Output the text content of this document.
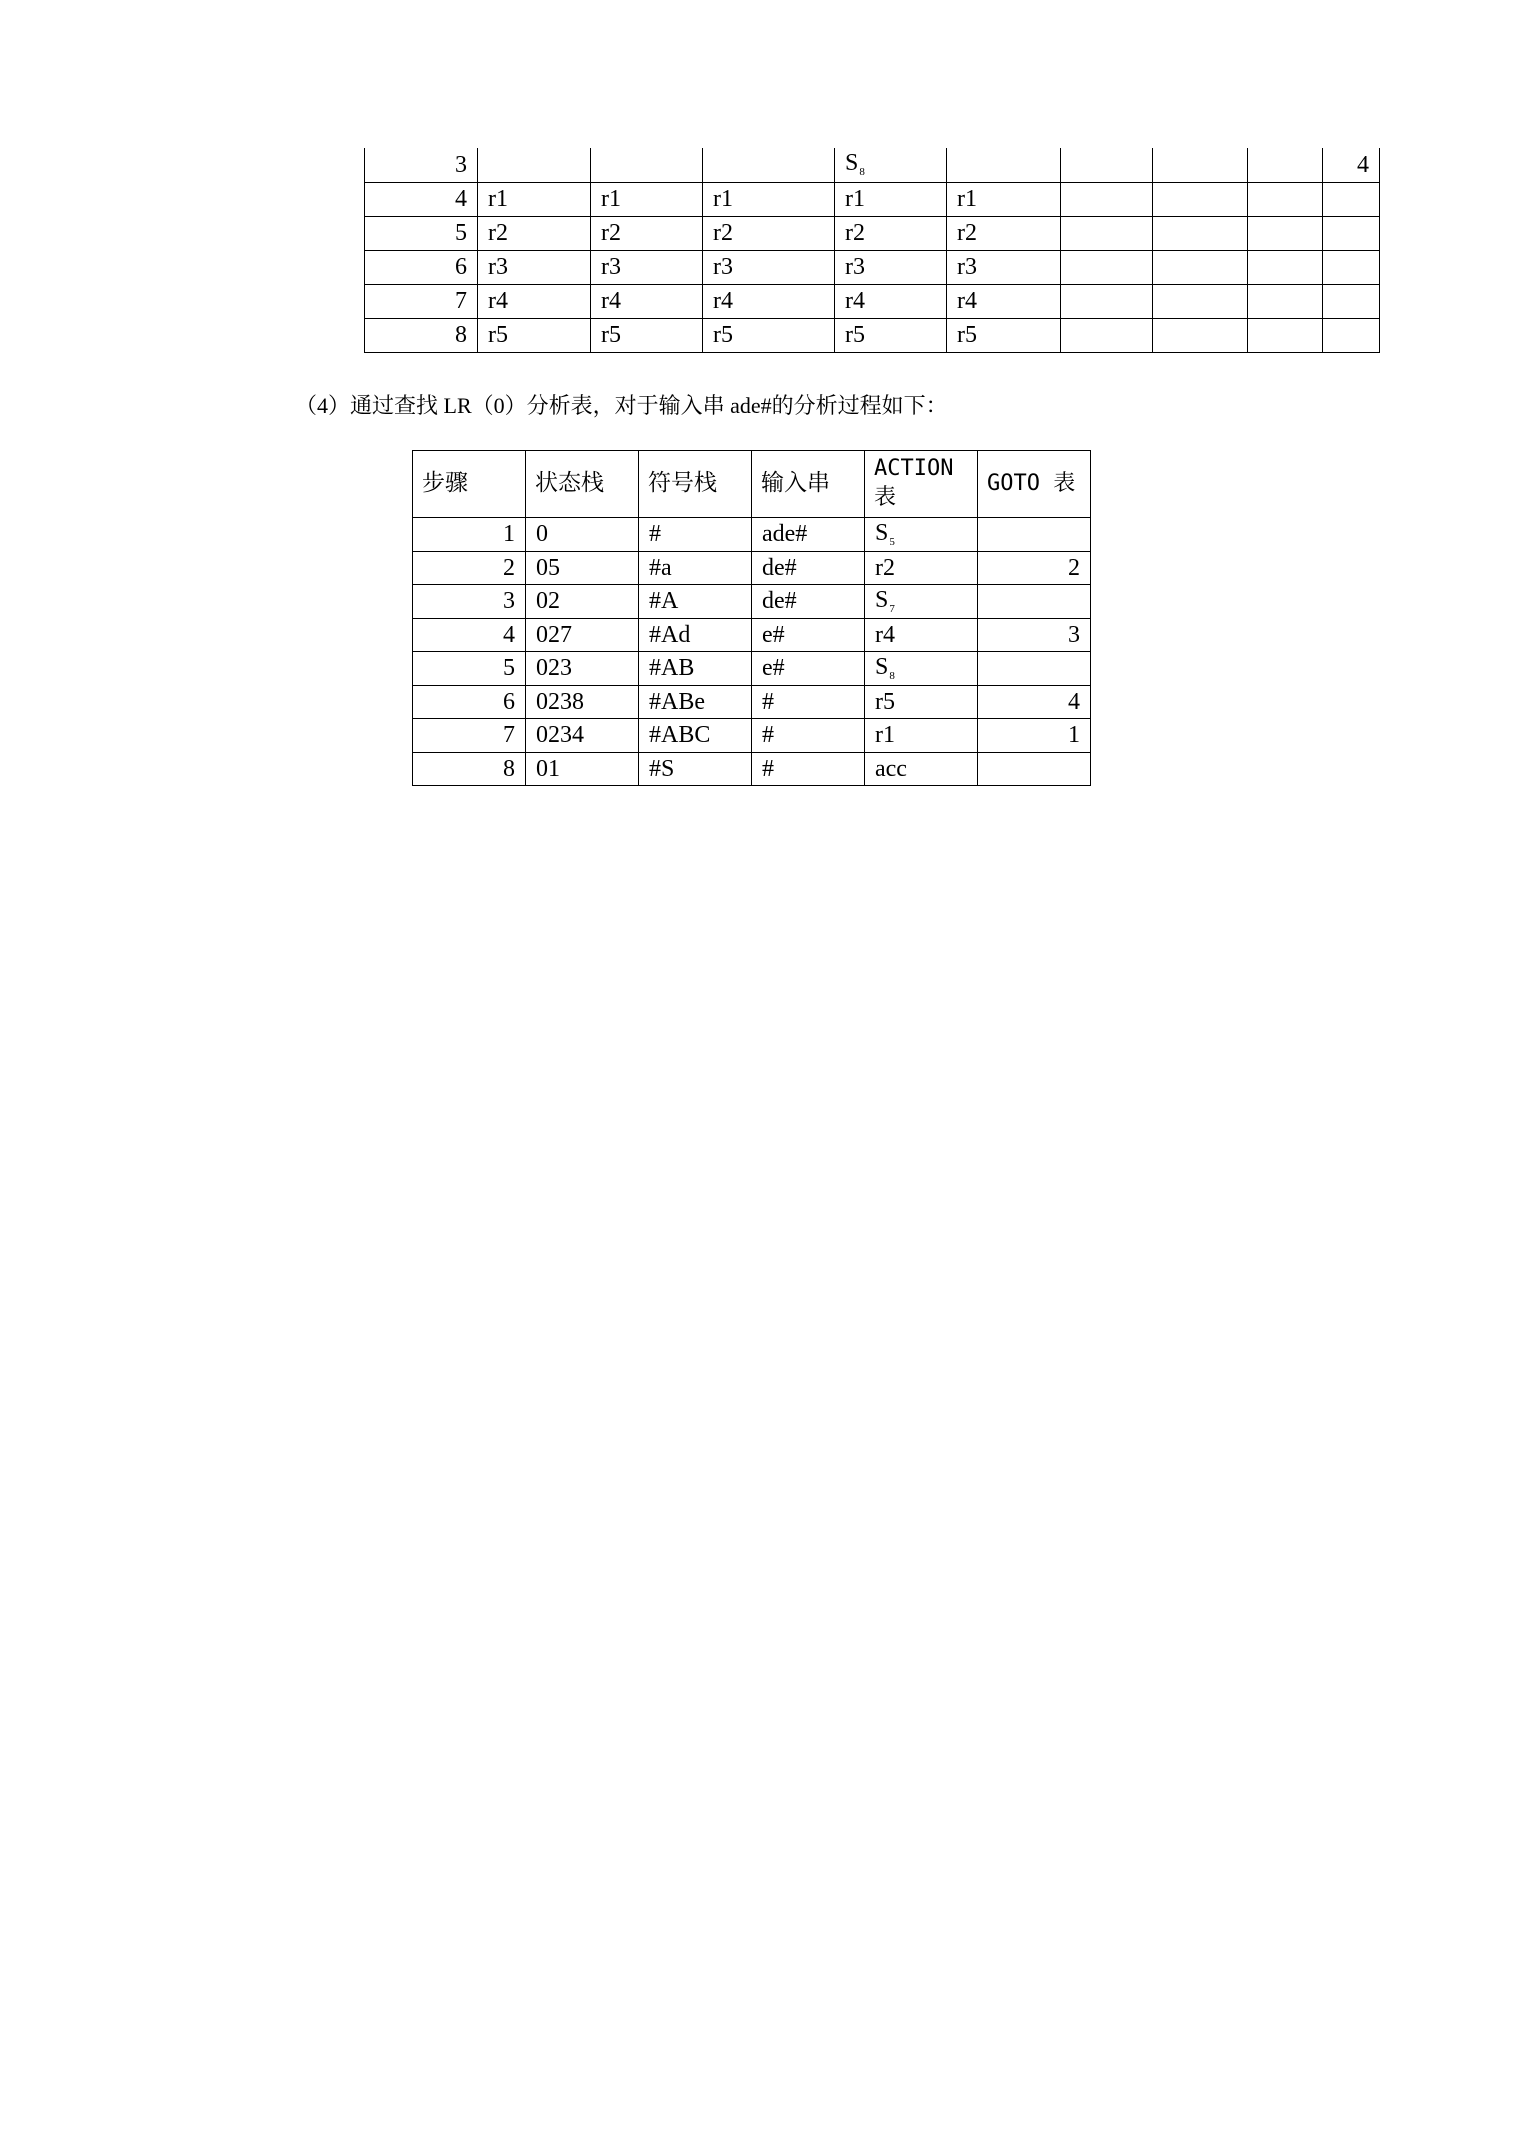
3				$S_8$					4
4	r1	r1	r1	r1	r1				
5	r2	r2	r2	r2	r2				
6	r3	r3	r3	r3	r3				
7	r4	r4	r4	r4	r4				
8	r5	r5	r5	r5	r5				
（4）通过查找 LR（0）分析表，对于输入串 ade#的分析过程如下：
步骤	状态栈	符号栈	输入串	ACTION 表	GOTO 表
1	0	#	ade#	$S_5$	
2	05	#a	de#	r2	2
3	02	#A	de#	$S_7$	
4	027	#Ad	e#	r4	3
5	023	#AB	e#	$S_8$	
6	0238	#ABe	#	r5	4
7	0234	#ABC	#	r1	1
8	01	#S	#	acc	
